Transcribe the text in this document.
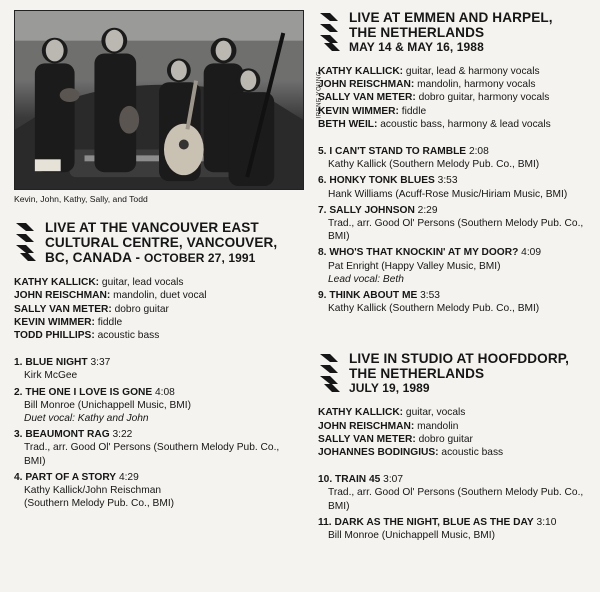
IRENE YOUNG
Kevin, John, Kathy, Sally, and Todd
LIVE AT THE VANCOUVER EAST
CULTURAL CENTRE, VANCOUVER,
BC, CANADA - OCTOBER 27, 1991
KATHY KALLICK: guitar, lead vocals
JOHN REISCHMAN: mandolin, duet vocal
SALLY VAN METER: dobro guitar
KEVIN WIMMER: fiddle
TODD PHILLIPS: acoustic bass
1. BLUE NIGHT 3:37
Kirk McGee
2. THE ONE I LOVE IS GONE 4:08
Bill Monroe (Unichappell Music, BMI)
Duet vocal: Kathy and John
3. BEAUMONT RAG 3:22
Trad., arr. Good Ol' Persons (Southern Melody Pub. Co., BMI)
4. PART OF A STORY 4:29
Kathy Kallick/John Reischman
(Southern Melody Pub. Co., BMI)
LIVE AT EMMEN AND HARPEL,
THE NETHERLANDS
MAY 14 & MAY 16, 1988
KATHY KALLICK: guitar, lead & harmony vocals
JOHN REISCHMAN: mandolin, harmony vocals
SALLY VAN METER: dobro guitar, harmony vocals
KEVIN WIMMER: fiddle
BETH WEIL: acoustic bass, harmony & lead vocals
5. I CAN'T STAND TO RAMBLE 2:08
Kathy Kallick (Southern Melody Pub. Co., BMI)
6. HONKY TONK BLUES 3:53
Hank Williams (Acuff-Rose Music/Hiriam Music, BMI)
7. SALLY JOHNSON 2:29
Trad., arr. Good Ol' Persons (Southern Melody Pub. Co., BMI)
8. WHO'S THAT KNOCKIN' AT MY DOOR? 4:09
Pat Enright (Happy Valley Music, BMI)
Lead vocal: Beth
9. THINK ABOUT ME 3:53
Kathy Kallick (Southern Melody Pub. Co., BMI)
LIVE IN STUDIO AT HOOFDDORP,
THE NETHERLANDS
JULY 19, 1989
KATHY KALLICK: guitar, vocals
JOHN REISCHMAN: mandolin
SALLY VAN METER: dobro guitar
JOHANNES BODINGIUS: acoustic bass
10. TRAIN 45 3:07
Trad., arr. Good Ol' Persons (Southern Melody Pub. Co., BMI)
11. DARK AS THE NIGHT, BLUE AS THE DAY 3:10
Bill Monroe (Unichappell Music, BMI)
